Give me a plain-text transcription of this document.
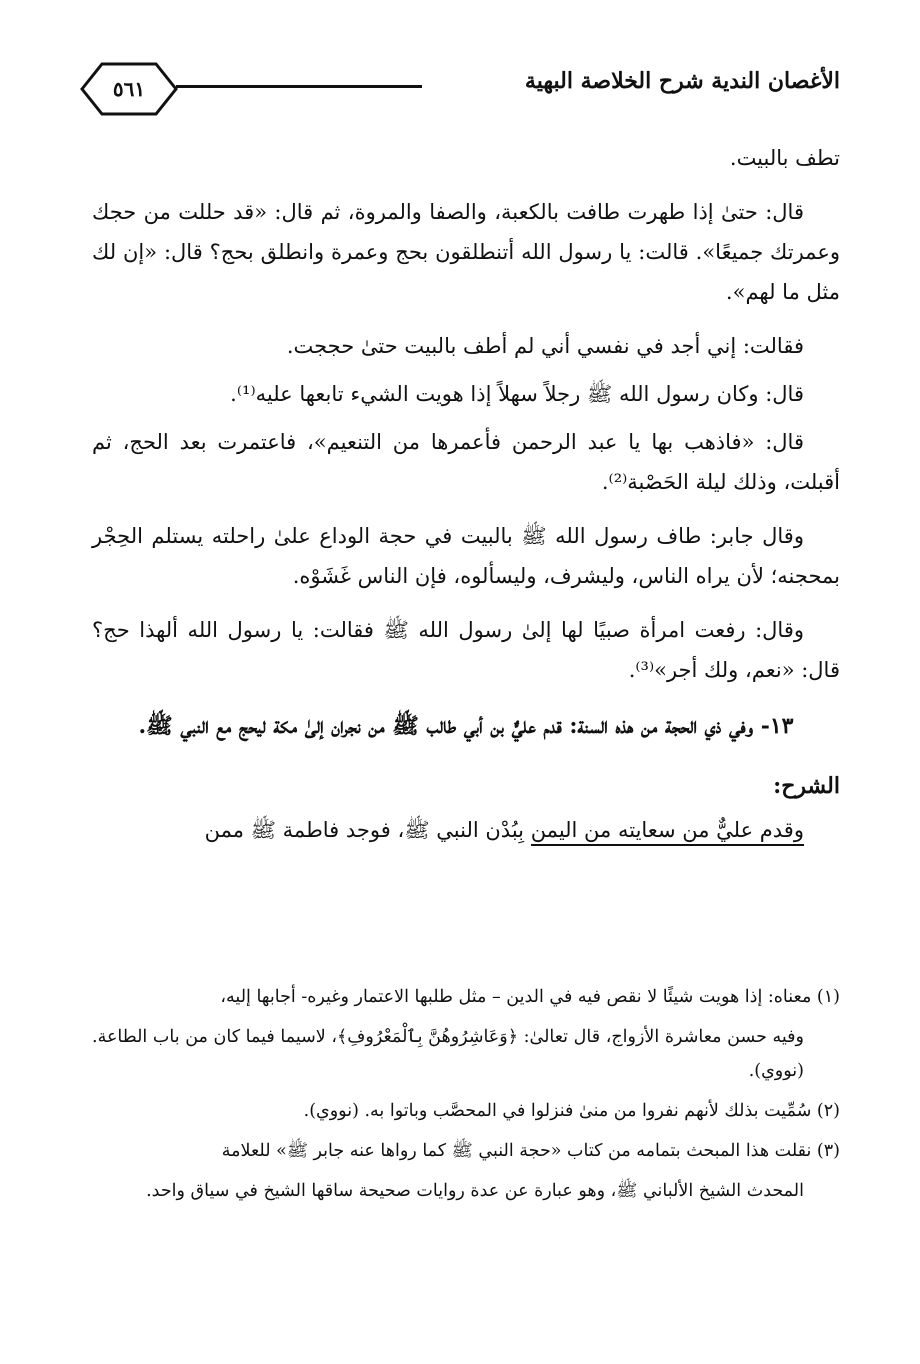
٥٦١	الأغصان الندية شرح الخلاصة البهية

تطف بالبيت.

قال: حتىٰ إذا طهرت طافت بالكعبة، والصفا والمروة، ثم قال: «قد حللت من حجك وعمرتك جميعًا». قالت: يا رسول الله أتنطلقون بحج وعمرة وانطلق بحج؟ قال: «إن لك مثل ما لهم».

فقالت: إني أجد في نفسي أني لم أطف بالبيت حتىٰ حججت.

قال: وكان رسول الله ﷺ رجلاً سهلاً إذا هويت الشيء تابعها عليه⁽¹⁾.

قال: «فاذهب بها يا عبد الرحمن فأعمرها من التنعيم»، فاعتمرت بعد الحج، ثم أقبلت، وذلك ليلة الحَصْبة⁽²⁾.

وقال جابر: طاف رسول الله ﷺ بالبيت في حجة الوداع علىٰ راحلته يستلم الحِجْر بمحجنه؛ لأن يراه الناس، وليشرف، وليسألوه، فإن الناس غَشَوْه.

وقال: رفعت امرأة صبيًا لها إلىٰ رسول الله ﷺ فقالت: يا رسول الله ألهذا حج؟ قال: «نعم، ولك أجر»⁽³⁾.

١٣- وفي ذي الحجة من هذه السنة: قدم عليٌّ بن أبي طالب ﷺ من نجران إلىٰ مكة ليحج مع النبي ﷺ.
الشرح:

وقدم عليٌّ من سعايته من اليمن بِبُدْن النبي ﷺ، فوجد فاطمة ﷺ ممن

(١) معناه: إذا هويت شيئًا لا نقص فيه في الدين – مثل طلبها الاعتمار وغيره- أجابها إليه،

وفيه حسن معاشرة الأزواج، قال تعالىٰ: ﴿وَعَاشِرُوهُنَّ بِٱلْمَعْرُوفِ﴾، لاسيما فيما كان من باب الطاعة. (نووي).

(٢) سُمِّيت بذلك لأنهم نفروا من منىٰ فنزلوا في المحصَّب وباتوا به. (نووي).

(٣) نقلت هذا المبحث بتمامه من كتاب «حجة النبي ﷺ كما رواها عنه جابر ﷺ» للعلامة

المحدث الشيخ الألباني ﷺ، وهو عبارة عن عدة روايات صحيحة ساقها الشيخ في سياق واحد.
